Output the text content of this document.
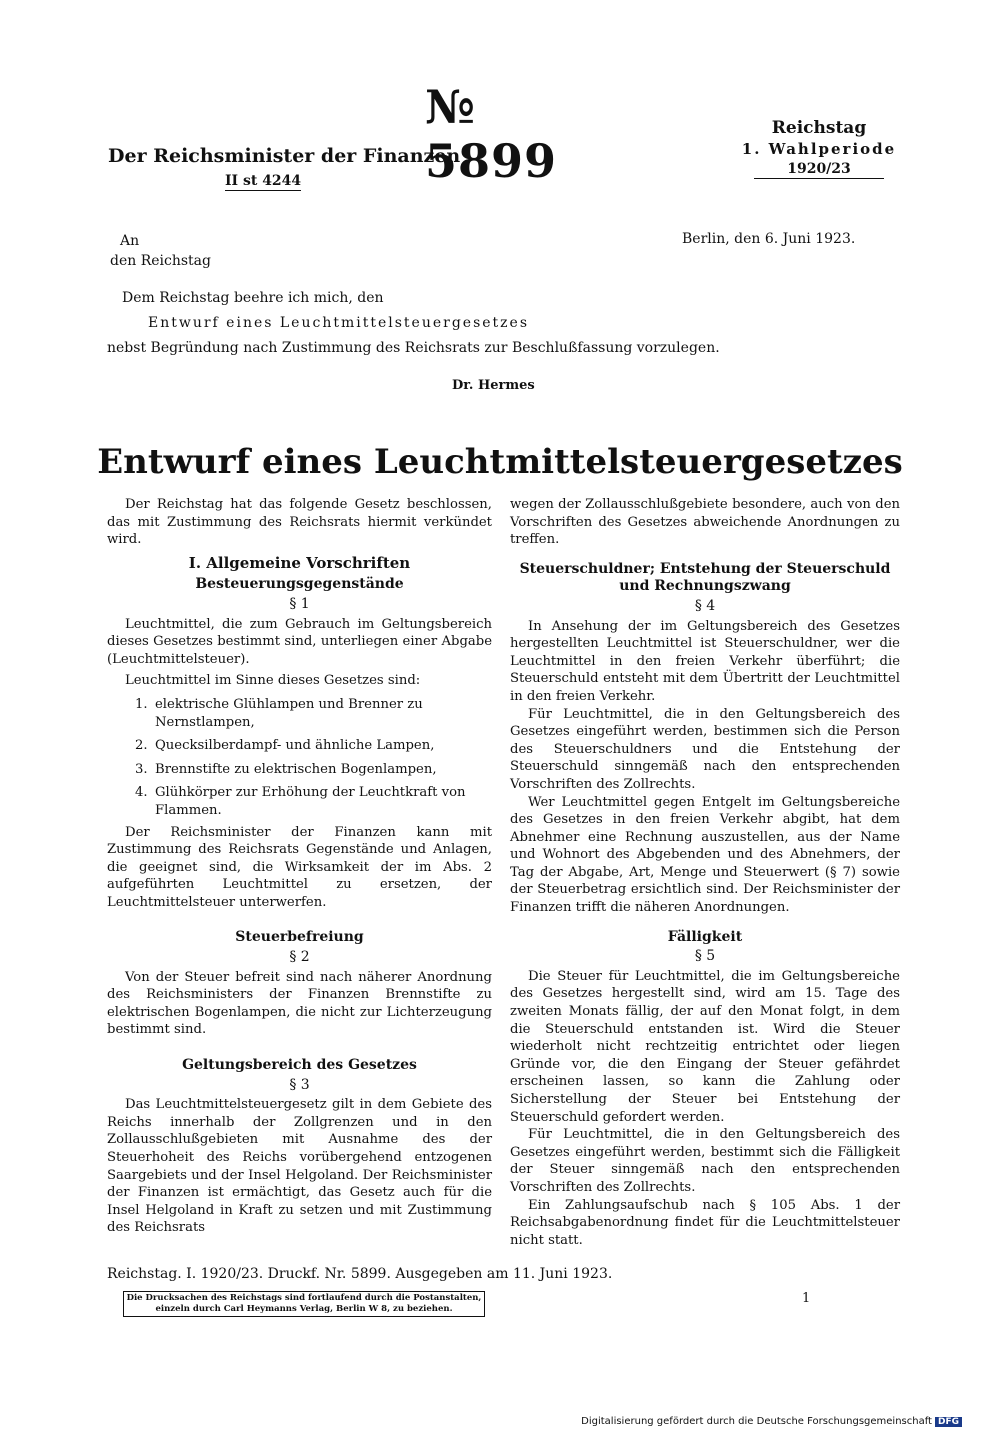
№ 5899
Der Reichsminister der Finanzen
II st 4244
Reichstag
1. Wahlperiode
1920/23
An
den Reichstag
Berlin, den 6. Juni 1923.
Dem Reichstag beehre ich mich, den
Entwurf eines Leuchtmittelsteuergesetzes
nebst Begründung nach Zustimmung des Reichsrats zur Beschlußfassung vorzulegen.
Dr. Hermes
Entwurf eines Leuchtmittelsteuergesetzes

Der Reichstag hat das folgende Gesetz beschlossen, das mit Zustimmung des Reichsrats hiermit verkündet wird.

I. Allgemeine Vorschriften
Besteuerungsgegenstände
§ 1

Leuchtmittel, die zum Gebrauch im Geltungsbereich dieses Gesetzes bestimmt sind, unterliegen einer Abgabe (Leuchtmittelsteuer).

Leuchtmittel im Sinne dieses Gesetzes sind:

1. elektrische Glühlampen und Brenner zu Nernstlampen,
2. Quecksilberdampf- und ähnliche Lampen,
3. Brennstifte zu elektrischen Bogenlampen,
4. Glühkörper zur Erhöhung der Leuchtkraft von Flammen.

Der Reichsminister der Finanzen kann mit Zustimmung des Reichsrats Gegenstände und Anlagen, die geeignet sind, die Wirksamkeit der im Abs. 2 aufgeführten Leuchtmittel zu ersetzen, der Leuchtmittelsteuer unterwerfen.

Steuerbefreiung
§ 2

Von der Steuer befreit sind nach näherer Anordnung des Reichsministers der Finanzen Brennstifte zu elektrischen Bogenlampen, die nicht zur Lichterzeugung bestimmt sind.

Geltungsbereich des Gesetzes
§ 3

Das Leuchtmittelsteuergesetz gilt in dem Gebiete des Reichs innerhalb der Zollgrenzen und in den Zollausschlußgebieten mit Ausnahme des der Steuerhoheit des Reichs vorübergehend entzogenen Saargebiets und der Insel Helgoland. Der Reichsminister der Finanzen ist ermächtigt, das Gesetz auch für die Insel Helgoland in Kraft zu setzen und mit Zustimmung des Reichsrats

wegen der Zollausschlußgebiete besondere, auch von den Vorschriften des Gesetzes abweichende Anordnungen zu treffen.

Steuerschuldner; Entstehung der Steuerschuld und Rechnungszwang
§ 4

In Ansehung der im Geltungsbereich des Gesetzes hergestellten Leuchtmittel ist Steuerschuldner, wer die Leuchtmittel in den freien Verkehr überführt; die Steuerschuld entsteht mit dem Übertritt der Leuchtmittel in den freien Verkehr.

Für Leuchtmittel, die in den Geltungsbereich des Gesetzes eingeführt werden, bestimmen sich die Person des Steuerschuldners und die Entstehung der Steuerschuld sinngemäß nach den entsprechenden Vorschriften des Zollrechts.

Wer Leuchtmittel gegen Entgelt im Geltungsbereiche des Gesetzes in den freien Verkehr abgibt, hat dem Abnehmer eine Rechnung auszustellen, aus der Name und Wohnort des Abgebenden und des Abnehmers, der Tag der Abgabe, Art, Menge und Steuerwert (§ 7) sowie der Steuerbetrag ersichtlich sind. Der Reichsminister der Finanzen trifft die näheren Anordnungen.

Fälligkeit
§ 5

Die Steuer für Leuchtmittel, die im Geltungsbereiche des Gesetzes hergestellt sind, wird am 15. Tage des zweiten Monats fällig, der auf den Monat folgt, in dem die Steuerschuld entstanden ist. Wird die Steuer wiederholt nicht rechtzeitig entrichtet oder liegen Gründe vor, die den Eingang der Steuer gefährdet erscheinen lassen, so kann die Zahlung oder Sicherstellung der Steuer bei Entstehung der Steuerschuld gefordert werden.

Für Leuchtmittel, die in den Geltungsbereich des Gesetzes eingeführt werden, bestimmt sich die Fälligkeit der Steuer sinngemäß nach den entsprechenden Vorschriften des Zollrechts.

Ein Zahlungsaufschub nach § 105 Abs. 1 der Reichsabgabenordnung findet für die Leuchtmittelsteuer nicht statt.

Reichstag. I. 1920/23. Druckf. Nr. 5899. Ausgegeben am 11. Juni 1923.
Die Drucksachen des Reichstags sind fortlaufend durch die Postanstalten, einzeln durch Carl Heymanns Verlag, Berlin W 8, zu beziehen.
1
Digitalisierung gefördert durch die Deutsche Forschungsgemeinschaft DFG
